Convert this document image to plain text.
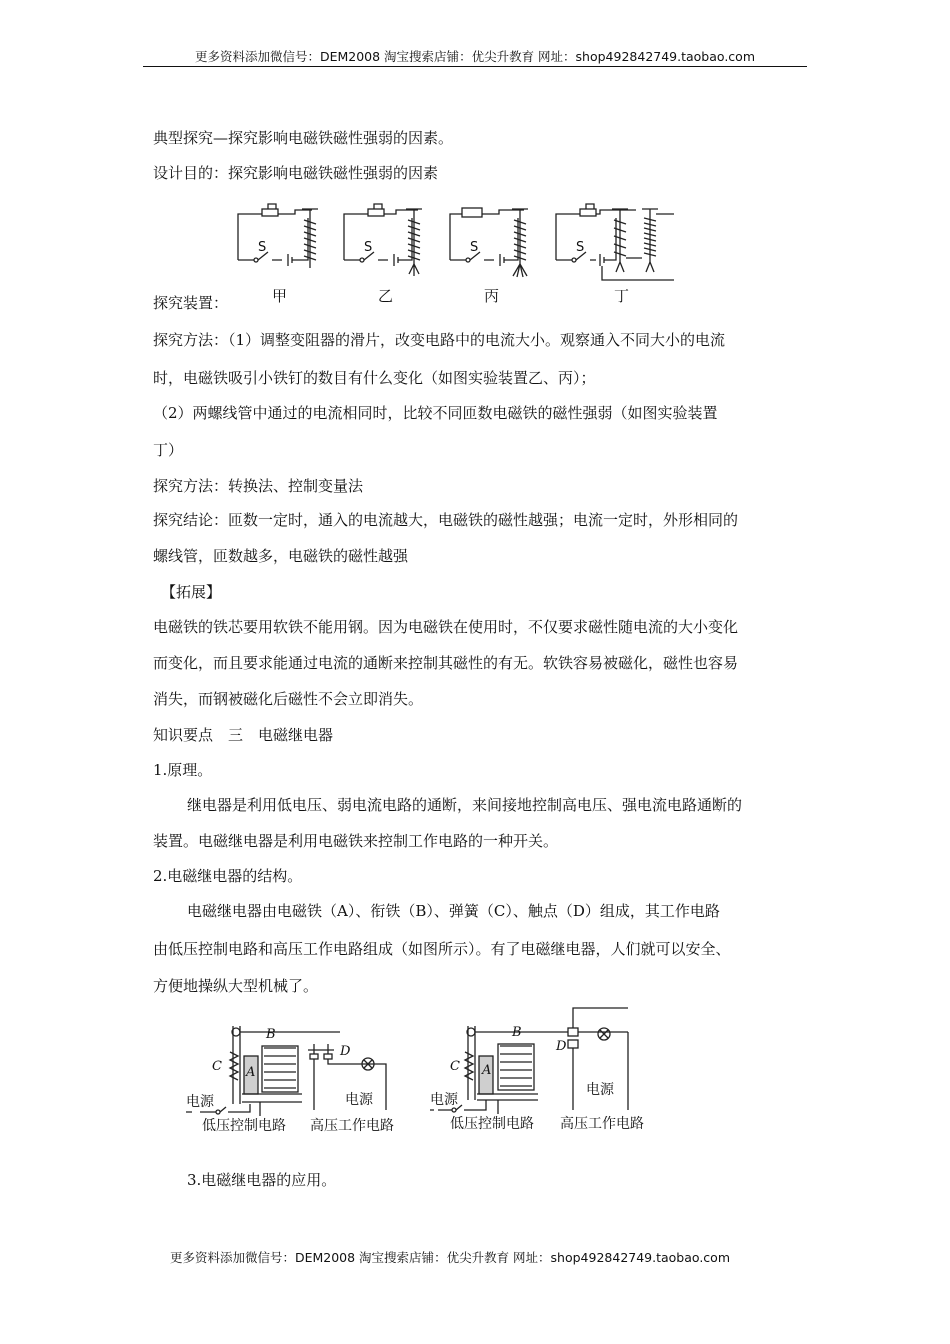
更多资料添加微信号：DEM2008 淘宝搜索店铺：优尖升教育 网址：shop492842749.taobao.com
典型探究—探究影响电磁铁磁性强弱的因素。
设计目的：探究影响电磁铁磁性强弱的因素
S	S	S	S
甲	乙	丙	丁
探究装置：
探究方法：（1）调整变阻器的滑片，改变电路中的电流大小。观察通入不同大小的电流
时，电磁铁吸引小铁钉的数目有什么变化（如图实验装置乙、丙）；
（2）两螺线管中通过的电流相同时，比较不同匝数电磁铁的磁性强弱（如图实验装置
丁）
探究方法：转换法、控制变量法
探究结论：匝数一定时，通入的电流越大，电磁铁的磁性越强；电流一定时，外形相同的
螺线管，匝数越多，电磁铁的磁性越强
【拓展】
电磁铁的铁芯要用软铁不能用钢。因为电磁铁在使用时，不仅要求磁性随电流的大小变化
而变化，而且要求能通过电流的通断来控制其磁性的有无。软铁容易被磁化，磁性也容易
消失，而钢被磁化后磁性不会立即消失。
知识要点　三　电磁继电器
1.原理。
继电器是利用低电压、弱电流电路的通断，来间接地控制高电压、强电流电路通断的
装置。电磁继电器是利用电磁铁来控制工作电路的一种开关。
2.电磁继电器的结构。
电磁继电器由电磁铁（A）、衔铁（B）、弹簧（C）、触点（D）组成，其工作电路
由低压控制电路和高压工作电路组成（如图所示）。有了电磁继电器，人们就可以安全、
方便地操纵大型机械了。
B
C A
D
电源
电源
低压控制电路 高压工作电路
B
C A
D
电源
电源
低压控制电路 高压工作电路
3.电磁继电器的应用。
更多资料添加微信号：DEM2008 淘宝搜索店铺：优尖升教育 网址：shop492842749.taobao.com
